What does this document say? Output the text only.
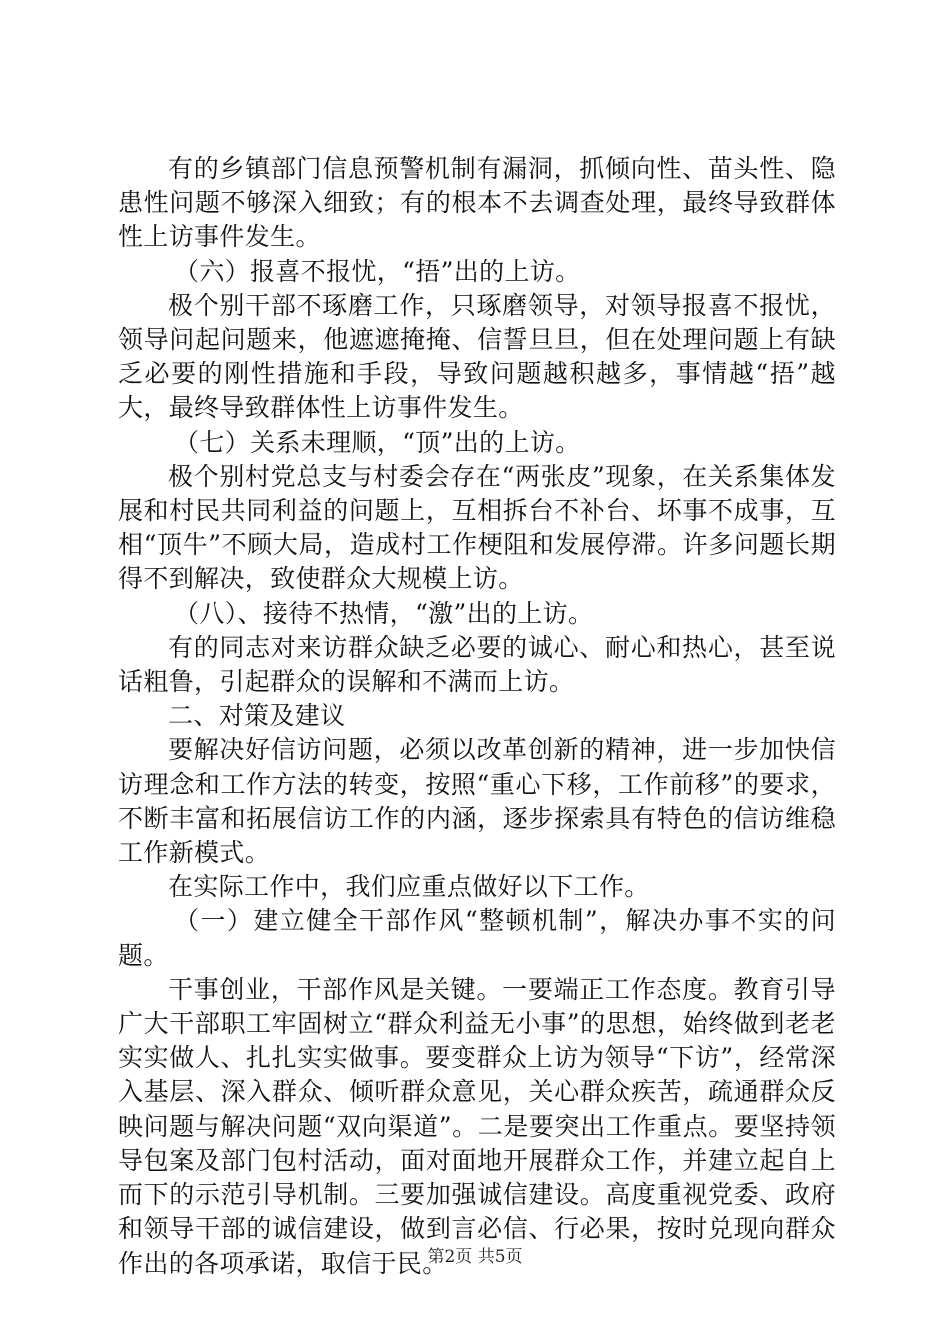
有的乡镇部门信息预警机制有漏洞，抓倾向性、苗头性、隐患性问题不够深入细致；有的根本不去调查处理，最终导致群体性上访事件发生。

（六）报喜不报忧，“捂”出的上访。

极个别干部不琢磨工作，只琢磨领导，对领导报喜不报忧，领导问起问题来，他遮遮掩掩、信誓旦旦，但在处理问题上有缺乏必要的刚性措施和手段，导致问题越积越多，事情越“捂”越大，最终导致群体性上访事件发生。

（七）关系未理顺，“顶”出的上访。

极个别村党总支与村委会存在“两张皮”现象，在关系集体发展和村民共同利益的问题上，互相拆台不补台、坏事不成事，互相“顶牛”不顾大局，造成村工作梗阻和发展停滞。许多问题长期得不到解决，致使群众大规模上访。

（八）、接待不热情，“激”出的上访。

有的同志对来访群众缺乏必要的诚心、耐心和热心，甚至说话粗鲁，引起群众的误解和不满而上访。

二、对策及建议

要解决好信访问题，必须以改革创新的精神，进一步加快信访理念和工作方法的转变，按照“重心下移，工作前移”的要求，不断丰富和拓展信访工作的内涵，逐步探索具有特色的信访维稳工作新模式。

在实际工作中，我们应重点做好以下工作。

（一）建立健全干部作风“整顿机制”，解决办事不实的问题。

干事创业，干部作风是关键。一要端正工作态度。教育引导广大干部职工牢固树立“群众利益无小事”的思想，始终做到老老实实做人、扎扎实实做事。要变群众上访为领导“下访”，经常深入基层、深入群众、倾听群众意见，关心群众疾苦，疏通群众反映问题与解决问题“双向渠道”。二是要突出工作重点。要坚持领导包案及部门包村活动，面对面地开展群众工作，并建立起自上而下的示范引导机制。三要加强诚信建设。高度重视党委、政府和领导干部的诚信建设，做到言必信、行必果，按时兑现向群众作出的各项承诺，取信于民。

第2页 共5页
